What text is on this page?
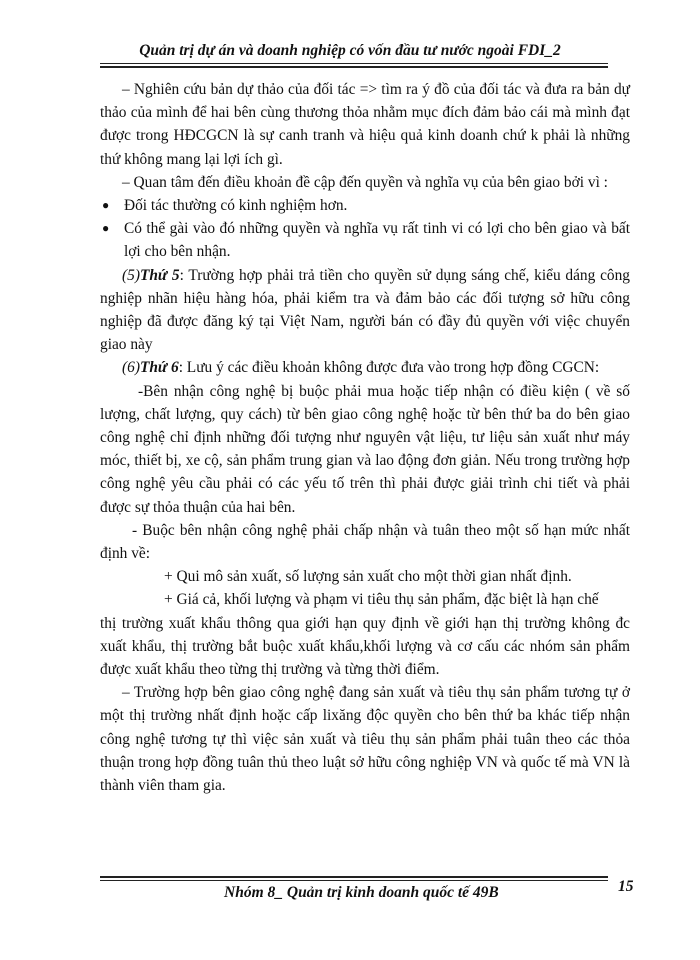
Quản trị dự án và doanh nghiệp có vốn đầu tư nước ngoài FDI_2

– Nghiên cứu bản dự thảo của đối tác => tìm ra ý đồ của đối tác và đưa ra bản dự thảo của mình để hai bên cùng thương thỏa nhằm mục đích đảm bảo cái mà mình đạt được trong HĐCGCN là sự canh tranh và hiệu quả kinh doanh chứ k phải là những thứ không mang lại lợi ích gì.

– Quan tâm đến điều khoản đề cập đến quyền và nghĩa vụ của bên giao bởi vì :

● Đối tác thường có kinh nghiệm hơn.
● Có thể gài vào đó những quyền và nghĩa vụ rất tinh vi có lợi cho bên giao và bất lợi cho bên nhận.

(5)Thứ 5: Trường hợp phải trả tiền cho quyền sử dụng sáng chế, kiểu dáng công nghiệp nhãn hiệu hàng hóa, phải kiểm tra và đảm bảo các đối tượng sở hữu công nghiệp đã được đăng ký tại Việt Nam, người bán có đầy đủ quyền với việc chuyển giao này

(6)Thứ 6: Lưu ý các điều khoản không được đưa vào trong hợp đồng CGCN:

-Bên nhận công nghệ bị buộc phải mua hoặc tiếp nhận có điều kiện ( về số lượng, chất lượng, quy cách) từ bên giao công nghệ hoặc từ bên thứ ba do bên giao công nghệ chỉ định những đối tượng như nguyên vật liệu, tư liệu sản xuất như máy móc, thiết bị, xe cộ, sản phẩm trung gian và lao động đơn giản. Nếu trong trường hợp công nghệ yêu cầu phải có các yếu tố trên thì phải được giải trình chi tiết và phải được sự thỏa thuận của hai bên.

- Buộc bên nhận công nghệ phải chấp nhận và tuân theo một số hạn mức nhất định về:

+ Qui mô sản xuất, số lượng sản xuất cho một thời gian nhất định.

+ Giá cả, khối lượng và phạm vi tiêu thụ sản phẩm, đặc biệt là hạn chế

thị trường xuất khẩu thông qua giới hạn quy định về giới hạn thị trường không đc xuất khẩu, thị trường bắt buộc xuất khẩu,khối lượng và cơ cấu các nhóm sản phẩm được xuất khẩu theo từng thị trường và từng thời điểm.

– Trường hợp bên giao công nghệ đang sản xuất và tiêu thụ sản phẩm tương tự ở một thị trường nhất định hoặc cấp lixăng độc quyền cho bên thứ ba khác tiếp nhận công nghệ tương tự thì việc sản xuất và tiêu thụ sản phẩm phải tuân theo các thỏa thuận trong hợp đồng tuân thủ theo luật sở hữu công nghiệp VN và quốc tế mà VN là thành viên tham gia.

Nhóm 8_ Quản trị kinh doanh quốc tế 49B	15
